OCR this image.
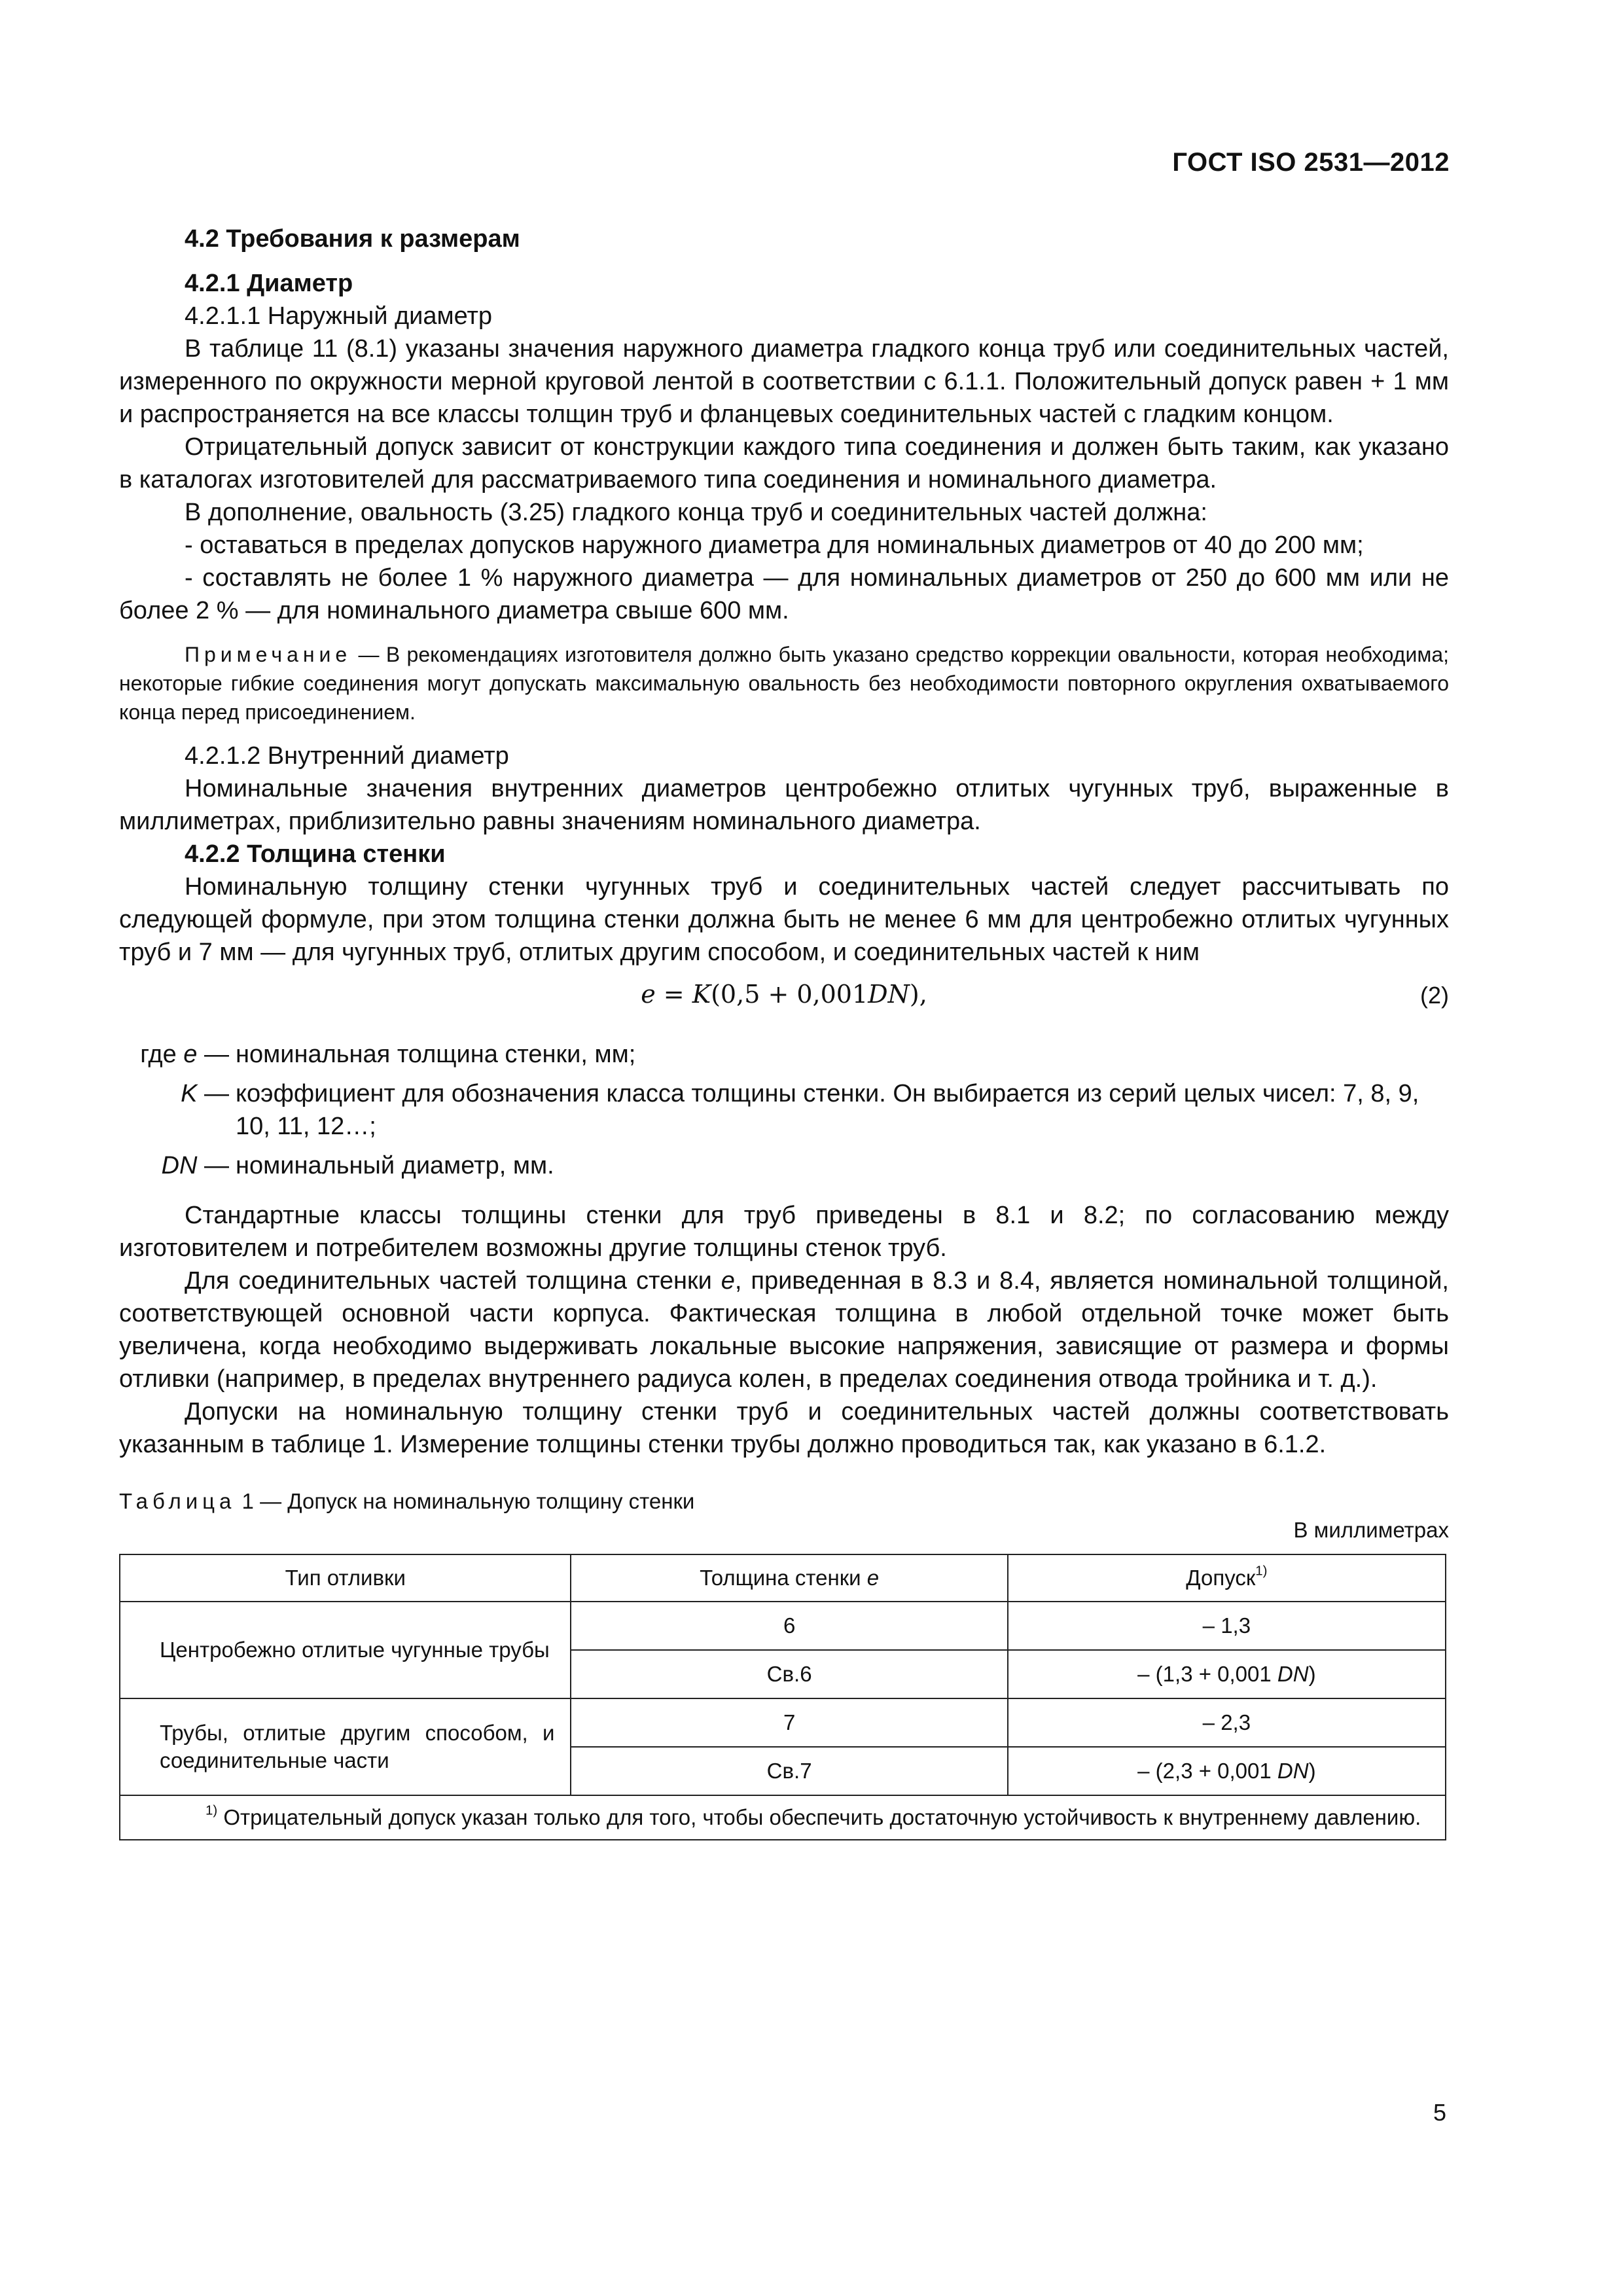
ГОСТ ISO 2531—2012

4.2 Требования к размерам

4.2.1 Диаметр

4.2.1.1 Наружный диаметр

В таблице 11 (8.1) указаны значения наружного диаметра гладкого конца труб или соединительных частей, измеренного по окружности мерной круговой лентой в соответствии с 6.1.1. Положительный допуск равен + 1 мм и распространяется на все классы толщин труб и фланцевых соединительных частей с гладким концом.

Отрицательный допуск зависит от конструкции каждого типа соединения и должен быть таким, как указано в каталогах изготовителей для рассматриваемого типа соединения и номинального диаметра.

В дополнение, овальность (3.25) гладкого конца труб и соединительных частей должна:

- оставаться в пределах допусков наружного диаметра для номинальных диаметров от 40 до 200 мм;

- составлять не более 1 % наружного диаметра — для номинальных диаметров от 250 до 600 мм или не более 2 % — для номинального диаметра свыше 600 мм.

Примечание — В рекомендациях изготовителя должно быть указано средство коррекции овальности, которая необходима; некоторые гибкие соединения могут допускать максимальную овальность без необходимости повторного округления охватываемого конца перед присоединением.

4.2.1.2 Внутренний диаметр

Номинальные значения внутренних диаметров центробежно отлитых чугунных труб, выраженные в миллиметрах, приблизительно равны значениям номинального диаметра.

4.2.2 Толщина стенки

Номинальную толщину стенки чугунных труб и соединительных частей следует рассчитывать по следующей формуле, при этом толщина стенки должна быть не менее 6 мм для центробежно отлитых чугунных труб и 7 мм — для чугунных труб, отлитых другим способом, и соединительных частей к ним

e = K(0,5 + 0,001DN),	(2)
где e — номинальная толщина стенки, мм;
K — коэффициент для обозначения класса толщины стенки. Он выбирается из серий целых чисел: 7, 8, 9, 10, 11, 12…;
DN — номинальный диаметр, мм.

Стандартные классы толщины стенки для труб приведены в 8.1 и 8.2; по согласованию между изготовителем и потребителем возможны другие толщины стенок труб.

Для соединительных частей толщина стенки e, приведенная в 8.3 и 8.4, является номинальной толщиной, соответствующей основной части корпуса. Фактическая толщина в любой отдельной точке может быть увеличена, когда необходимо выдерживать локальные высокие напряжения, зависящие от размера и формы отливки (например, в пределах внутреннего радиуса колен, в пределах соединения отвода тройника и т. д.).

Допуски на номинальную толщину стенки труб и соединительных частей должны соответствовать указанным в таблице 1. Измерение толщины стенки трубы должно проводиться так, как указано в 6.1.2.

Таблица 1 — Допуск на номинальную толщину стенки

В миллиметрах

Тип отливки	Толщина стенки e	Допуск$^{1)}$
Центробежно отлитые чугунные трубы	6	– 1,3
	Св.6	– (1,3 + 0,001 DN)
Трубы, отлитые другим способом, и соединительные части	7	– 2,3
	Св.7	– (2,3 + 0,001 DN)
$^{1)}$ Отрицательный допуск указан только для того, чтобы обеспечить достаточную устойчивость к внутреннему давлению.		
5
